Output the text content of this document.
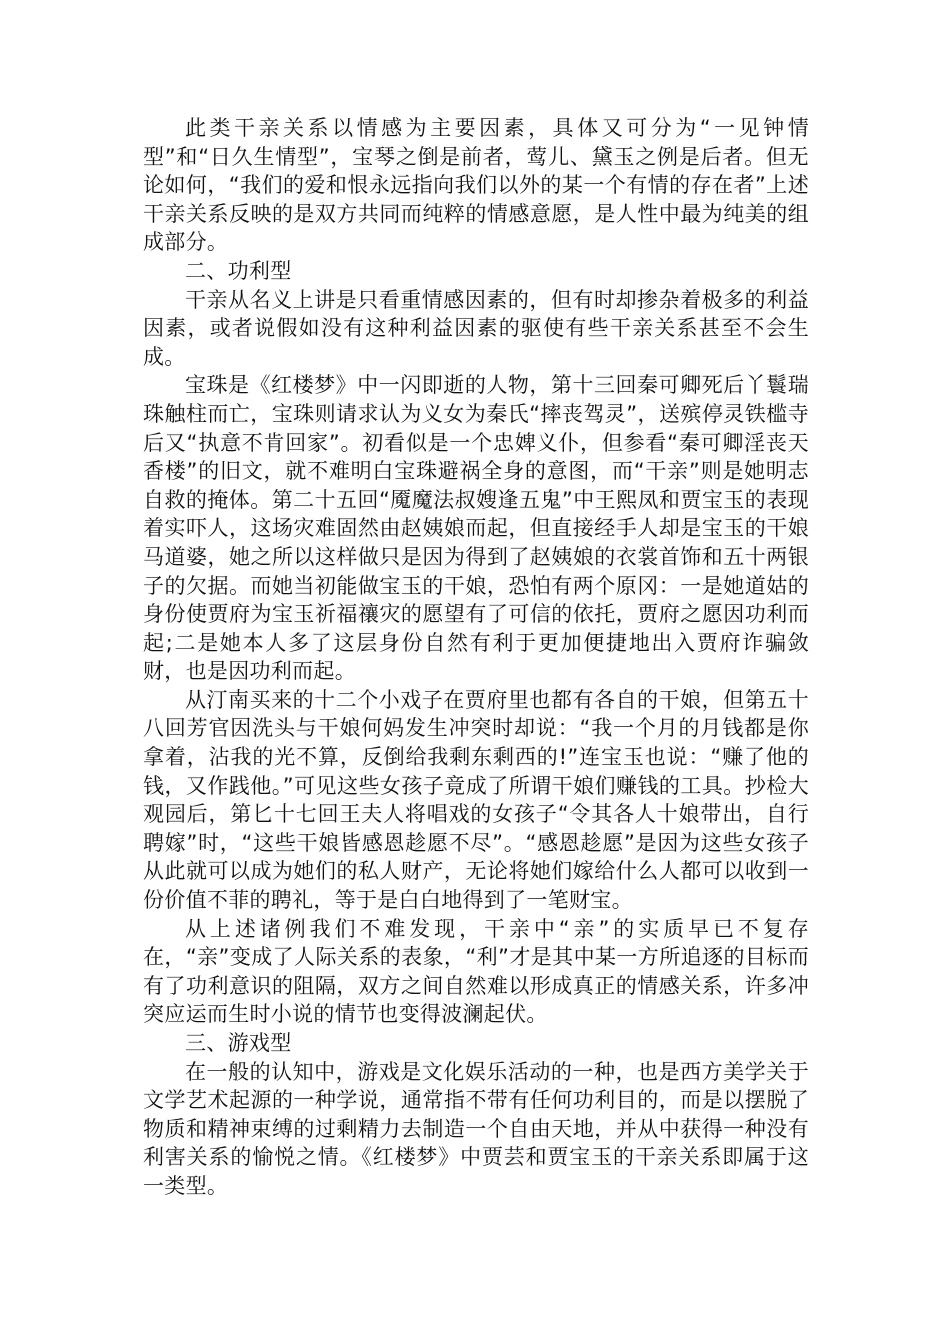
此类干亲关系以情感为主要因素，具体又可分为“一见钟情型”和“日久生情型”，宝琴之倒是前者，莺儿、黛玉之例是后者。但无论如何，“我们的爱和恨永远指向我们以外的某一个有情的存在者”上述干亲关系反映的是双方共同而纯粹的情感意愿，是人性中最为纯美的组成部分。

二、功利型

干亲从名义上讲是只看重情感因素的，但有时却掺杂着极多的利益因素，或者说假如没有这种利益因素的驱使有些干亲关系甚至不会生成。

宝珠是《红楼梦》中一闪即逝的人物，第十三回秦可卿死后丫鬟瑞珠触柱而亡，宝珠则请求认为义女为秦氏“摔丧驾灵”，送殡停灵铁槛寺后又“执意不肯回家”。初看似是一个忠婢义仆，但参看“秦可卿淫丧天香楼”的旧文，就不难明白宝珠避祸全身的意图，而“干亲”则是她明志自救的掩体。第二十五回“魇魔法叔嫂逢五鬼”中王熙凤和贾宝玉的表现着实吓人，这场灾难固然由赵姨娘而起，但直接经手人却是宝玉的干娘马道婆，她之所以这样做只是因为得到了赵姨娘的衣裳首饰和五十两银子的欠据。而她当初能做宝玉的干娘，恐怕有两个原冈：一是她道姑的身份使贾府为宝玉祈福禳灾的愿望有了可信的依托，贾府之愿因功利而起;二是她本人多了这层身份自然有利于更加便捷地出入贾府诈骗敛财，也是因功利而起。

从汀南买来的十二个小戏子在贾府里也都有各自的干娘，但第五十八回芳官因洗头与干娘何妈发生冲突时却说：“我一个月的月钱都是你拿着，沾我的光不算，反倒给我剩东剩西的!”连宝玉也说：“赚了他的钱，又作践他。”可见这些女孩子竟成了所谓干娘们赚钱的工具。抄检大观园后，第匕十七回王夫人将唱戏的女孩子“令其各人十娘带出，自行聘嫁”时，“这些干娘皆感恩趁愿不尽”。“感恩趁愿”是因为这些女孩子从此就可以成为她们的私人财产，无论将她们嫁给什么人都可以收到一份价值不菲的聘礼，等于是白白地得到了一笔财宝。

从上述诸例我们不难发现，干亲中“亲”的实质早已不复存在，“亲”变成了人际关系的表象，“利”才是其中某一方所追逐的目标而有了功利意识的阻隔，双方之间自然难以形成真正的情感关系，许多冲突应运而生时小说的情节也变得波澜起伏。

三、游戏型

在一般的认知中，游戏是文化娱乐活动的一种，也是西方美学关于文学艺术起源的一种学说，通常指不带有任何功利目的，而是以摆脱了物质和精神束缚的过剩精力去制造一个自由天地，并从中获得一种没有利害关系的愉悦之情。《红楼梦》中贾芸和贾宝玉的干亲关系即属于这一类型。
